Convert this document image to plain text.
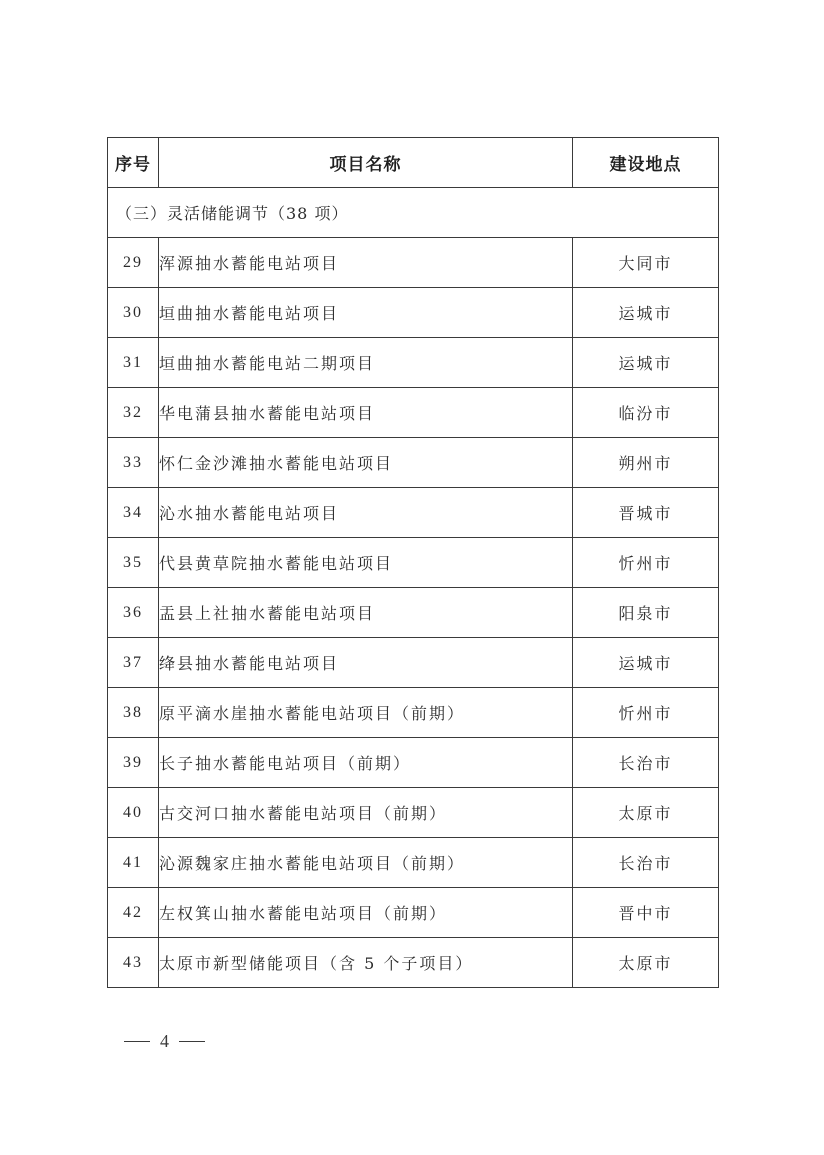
序号	项目名称	建设地点
（三）灵活储能调节（38 项）		
29	浑源抽水蓄能电站项目	大同市
30	垣曲抽水蓄能电站项目	运城市
31	垣曲抽水蓄能电站二期项目	运城市
32	华电蒲县抽水蓄能电站项目	临汾市
33	怀仁金沙滩抽水蓄能电站项目	朔州市
34	沁水抽水蓄能电站项目	晋城市
35	代县黄草院抽水蓄能电站项目	忻州市
36	盂县上社抽水蓄能电站项目	阳泉市
37	绛县抽水蓄能电站项目	运城市
38	原平滴水崖抽水蓄能电站项目（前期）	忻州市
39	长子抽水蓄能电站项目（前期）	长治市
40	古交河口抽水蓄能电站项目（前期）	太原市
41	沁源魏家庄抽水蓄能电站项目（前期）	长治市
42	左权箕山抽水蓄能电站项目（前期）	晋中市
43	太原市新型储能项目（含 5 个子项目）	太原市
4
